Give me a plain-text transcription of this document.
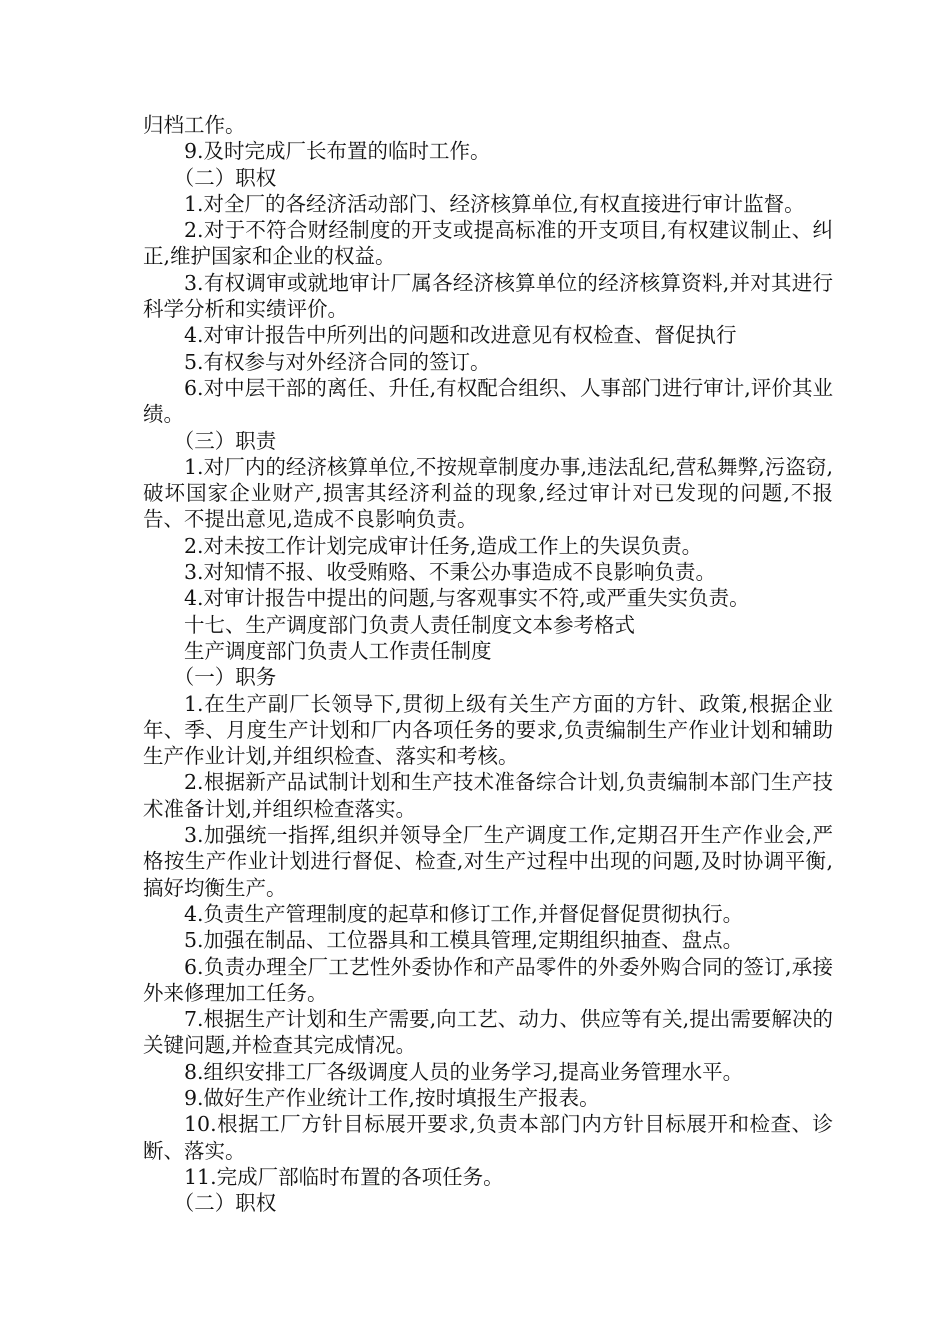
归档工作。

9.及时完成厂长布置的临时工作。

（二）职权

1.对全厂的各经济活动部门、经济核算单位,有权直接进行审计监督。

2.对于不符合财经制度的开支或提高标准的开支项目,有权建议制止、纠正,维护国家和企业的权益。

3.有权调审或就地审计厂属各经济核算单位的经济核算资料,并对其进行科学分析和实绩评价。

4.对审计报告中所列出的问题和改进意见有权检查、督促执行

5.有权参与对外经济合同的签订。

6.对中层干部的离任、升任,有权配合组织、人事部门进行审计,评价其业绩。

（三）职责

1.对厂内的经济核算单位,不按规章制度办事,违法乱纪,营私舞弊,污盗窃,破坏国家企业财产,损害其经济利益的现象,经过审计对已发现的问题,不报告、不提出意见,造成不良影响负责。

2.对未按工作计划完成审计任务,造成工作上的失误负责。

3.对知情不报、收受贿赂、不秉公办事造成不良影响负责。

4.对审计报告中提出的问题,与客观事实不符,或严重失实负责。

十七、生产调度部门负责人责任制度文本参考格式

生产调度部门负责人工作责任制度

（一）职务

1.在生产副厂长领导下,贯彻上级有关生产方面的方针、政策,根据企业年、季、月度生产计划和厂内各项任务的要求,负责编制生产作业计划和辅助生产作业计划,并组织检查、落实和考核。

2.根据新产品试制计划和生产技术准备综合计划,负责编制本部门生产技术准备计划,并组织检查落实。

3.加强统一指挥,组织并领导全厂生产调度工作,定期召开生产作业会,严格按生产作业计划进行督促、检查,对生产过程中出现的问题,及时协调平衡,搞好均衡生产。

4.负责生产管理制度的起草和修订工作,并督促督促贯彻执行。

5.加强在制品、工位器具和工模具管理,定期组织抽查、盘点。

6.负责办理全厂工艺性外委协作和产品零件的外委外购合同的签订,承接外来修理加工任务。

7.根据生产计划和生产需要,向工艺、动力、供应等有关,提出需要解决的关键问题,并检查其完成情况。

8.组织安排工厂各级调度人员的业务学习,提高业务管理水平。

9.做好生产作业统计工作,按时填报生产报表。

10.根据工厂方针目标展开要求,负责本部门内方针目标展开和检查、诊断、落实。

11.完成厂部临时布置的各项任务。

（二）职权
